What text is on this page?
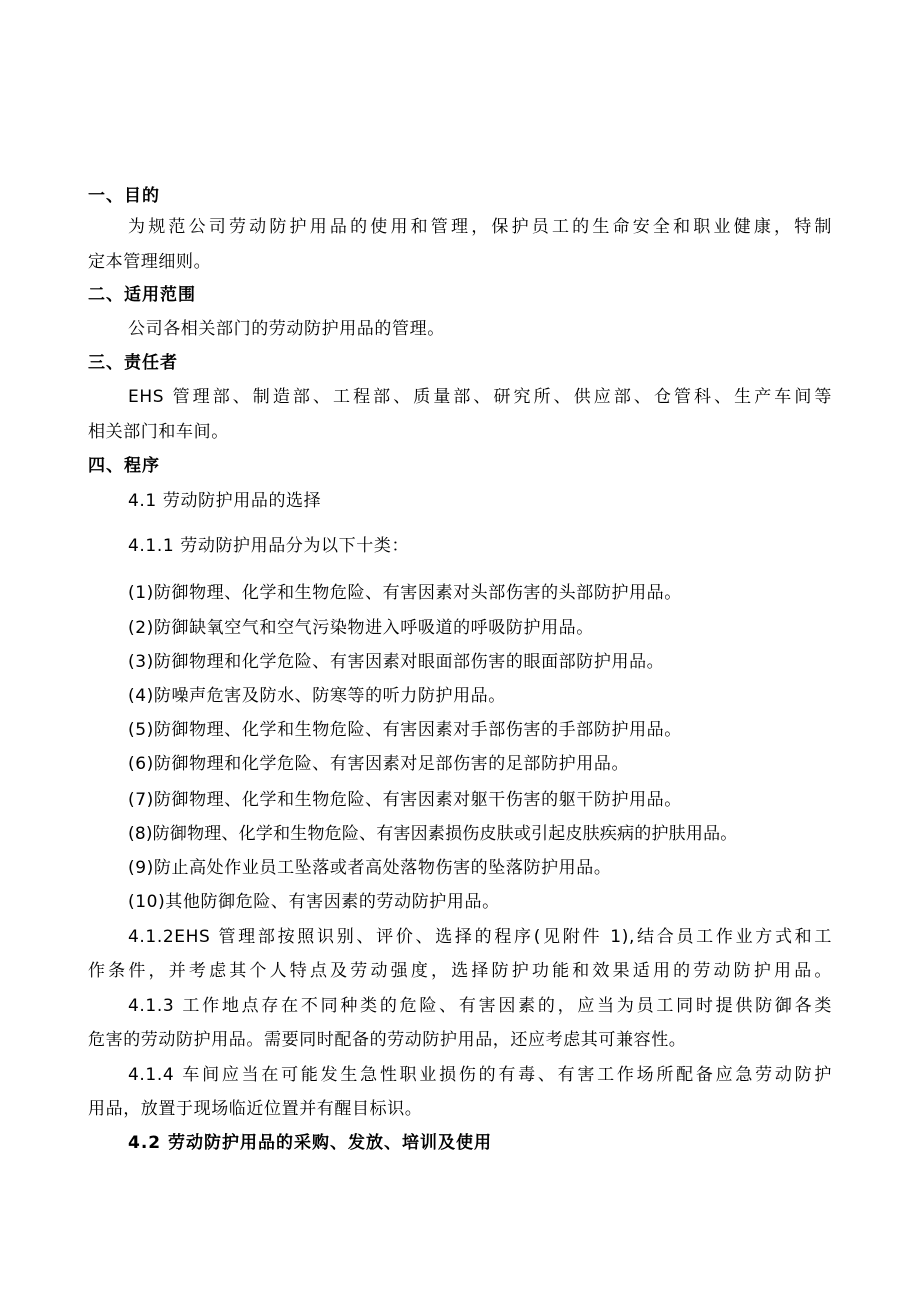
一、目的
为规范公司劳动防护用品的使用和管理，保护员工的生命安全和职业健康，特制
定本管理细则。
二、适用范围
公司各相关部门的劳动防护用品的管理。
三、责任者
EHS 管理部、制造部、工程部、质量部、研究所、供应部、仓管科、生产车间等
相关部门和车间。
四、程序
4.1 劳动防护用品的选择
4.1.1 劳动防护用品分为以下十类：
(1)防御物理、化学和生物危险、有害因素对头部伤害的头部防护用品。
(2)防御缺氧空气和空气污染物进入呼吸道的呼吸防护用品。
(3)防御物理和化学危险、有害因素对眼面部伤害的眼面部防护用品。
(4)防噪声危害及防水、防寒等的听力防护用品。
(5)防御物理、化学和生物危险、有害因素对手部伤害的手部防护用品。
(6)防御物理和化学危险、有害因素对足部伤害的足部防护用品。
(7)防御物理、化学和生物危险、有害因素对躯干伤害的躯干防护用品。
(8)防御物理、化学和生物危险、有害因素损伤皮肤或引起皮肤疾病的护肤用品。
(9)防止高处作业员工坠落或者高处落物伤害的坠落防护用品。
(10)其他防御危险、有害因素的劳动防护用品。
4.1.2EHS 管理部按照识别、评价、选择的程序(见附件 1),结合员工作业方式和工
作条件，并考虑其个人特点及劳动强度，选择防护功能和效果适用的劳动防护用品。
4.1.3 工作地点存在不同种类的危险、有害因素的，应当为员工同时提供防御各类
危害的劳动防护用品。需要同时配备的劳动防护用品，还应考虑其可兼容性。
4.1.4 车间应当在可能发生急性职业损伤的有毒、有害工作场所配备应急劳动防护
用品，放置于现场临近位置并有醒目标识。
4.2 劳动防护用品的采购、发放、培训及使用
